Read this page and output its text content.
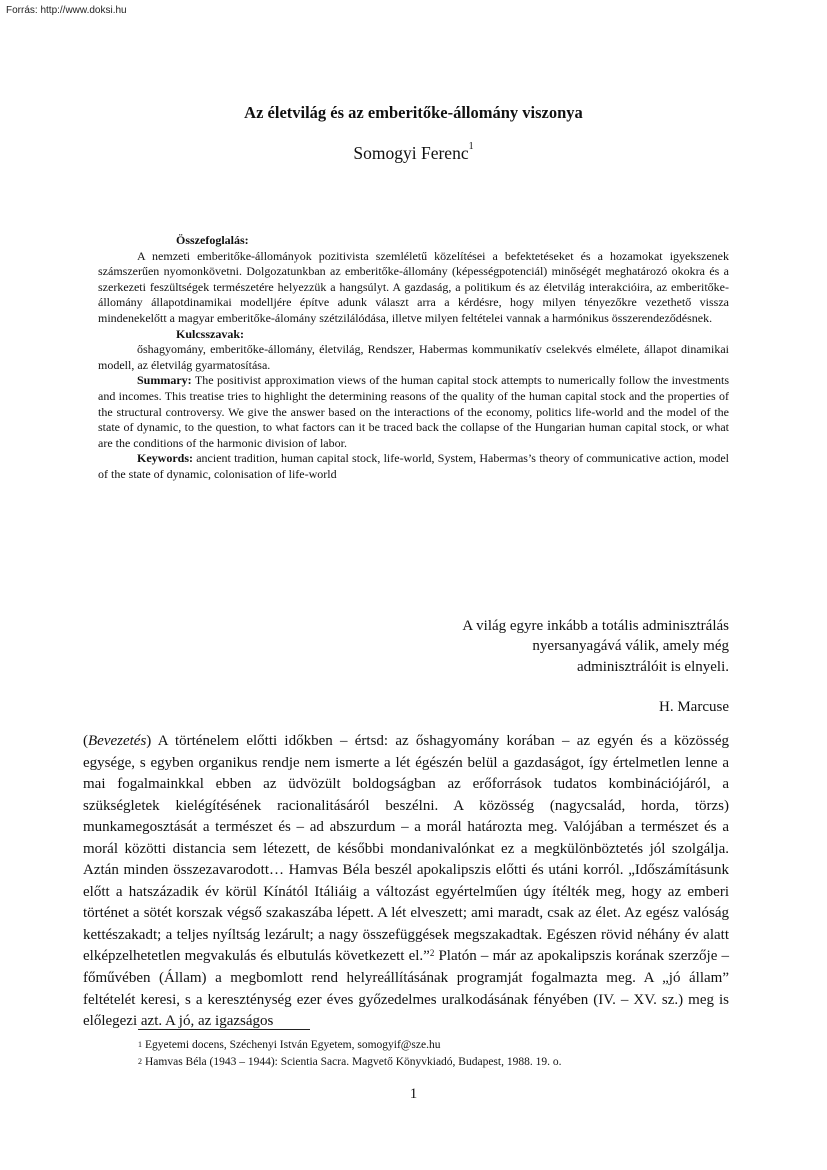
Forrás: http://www.doksi.hu
Az életvilág és az emberitőke-állomány viszonya
Somogyi Ferenc$^1$

Összefoglalás:

A nemzeti emberitőke-állományok pozitivista szemléletű közelítései a befektetéseket és a hozamokat igyekszenek számszerűen nyomonkövetni. Dolgozatunkban az emberitőke-állomány (képességpotenciál) minőségét meghatározó okokra és a szerkezeti feszültségek természetére helyezzük a hangsúlyt. A gazdaság, a politikum és az életvilág interakcióira, az emberitőke-állomány állapotdinamikai modelljére építve adunk választ arra a kérdésre, hogy milyen tényezőkre vezethető vissza mindenekelőtt a magyar emberitőke-álomány szétzilálódása, illetve milyen feltételei vannak a harmónikus összerendeződésnek.

Kulcsszavak:

őshagyomány, emberitőke-állomány, életvilág, Rendszer, Habermas kommunikatív cselekvés elmélete, állapot dinamikai modell, az életvilág gyarmatosítása.

Summary: The positivist approximation views of the human capital stock attempts to numerically follow the investments and incomes. This treatise tries to highlight the determining reasons of the quality of the human capital stock and the properties of the structural controversy. We give the answer based on the interactions of the economy, politics life-world and the model of the state of dynamic, to the question, to what factors can it be traced back the collapse of the Hungarian human capital stock, or what are the conditions of the harmonic division of labor.

Keywords: ancient tradition, human capital stock, life-world, System, Habermas’s theory of communicative action, model of the state of dynamic, colonisation of life-world

A világ egyre inkább a totális adminisztrálás

nyersanyagává válik, amely még

adminisztrálóit is elnyeli.

H. Marcuse

(Bevezetés) A történelem előtti időkben – értsd: az őshagyomány korában – az egyén és a közösség egysége, s egyben organikus rendje nem ismerte a lét égészén belül a gazdaságot, így értelmetlen lenne a mai fogalmainkkal ebben az üdvözült boldogságban az erőforrások tudatos kombinációjáról, a szükségletek kielégítésének racionalitásáról beszélni. A közösség (nagycsalád, horda, törzs) munkamegosztását a természet és – ad abszurdum – a morál határozta meg. Valójában a természet és a morál közötti distancia sem létezett, de későbbi mondanivalónkat ez a megkülönböztetés jól szolgálja. Aztán minden összezavarodott… Hamvas Béla beszél apokalipszis előtti és utáni korról. „Időszámításunk előtt a hatszázadik év körül Kínától Itáliáig a változást egyértelműen úgy ítélték meg, hogy az emberi történet a sötét korszak végső szakaszába lépett. A lét elveszett; ami maradt, csak az élet. Az egész valóság kettészakadt; a teljes nyíltság lezárult; a nagy összefüggések megszakadtak. Egészen rövid néhány év alatt elképzelhetetlen megvakulás és elbutulás következett el.”$^2$ Platón – már az apokalipszis korának szerzője – főművében (Állam) a megbomlott rend helyreállításának programját fogalmazta meg. A „jó állam” feltételét keresi, s a kereszténység ezer éves győzedelmes uralkodásának fényében (IV. – XV. sz.) meg is előlegezi azt. A jó, az igazságos

$^1$ Egyetemi docens, Széchenyi István Egyetem, somogyif@sze.hu

$^2$ Hamvas Béla (1943 – 1944): Scientia Sacra. Magvető Könyvkiadó, Budapest, 1988. 19. o.

1
